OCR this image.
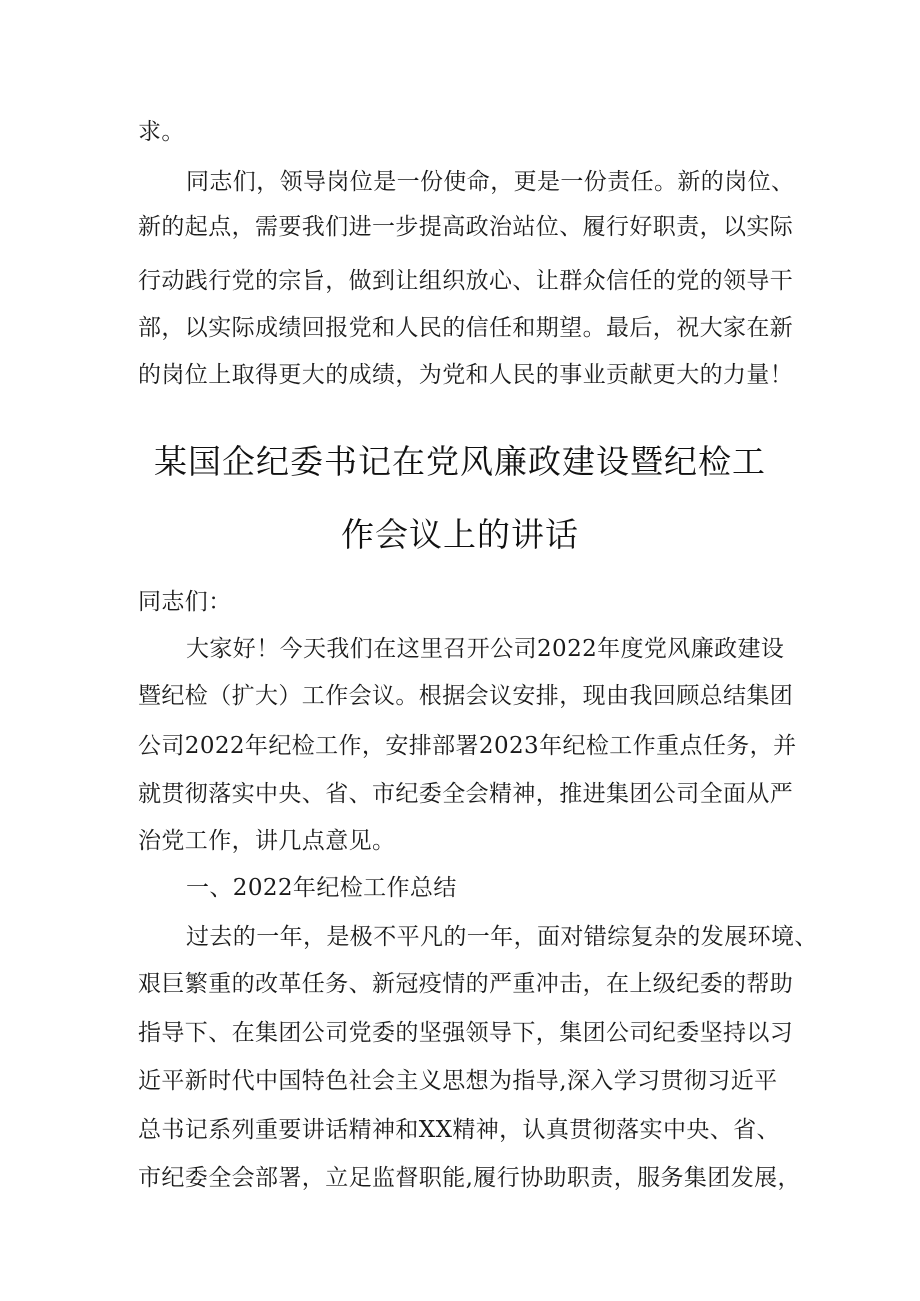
求。
同志们，领导岗位是一份使命，更是一份责任。新的岗位、
新的起点，需要我们进一步提高政治站位、履行好职责，以实际
行动践行党的宗旨，做到让组织放心、让群众信任的党的领导干
部，以实际成绩回报党和人民的信任和期望。最后，祝大家在新
的岗位上取得更大的成绩，为党和人民的事业贡献更大的力量！
某国企纪委书记在党风廉政建设暨纪检工
作会议上的讲话
同志们：
大家好！今天我们在这里召开公司2022年度党风廉政建设
暨纪检（扩大）工作会议。根据会议安排，现由我回顾总结集团
公司2022年纪检工作，安排部署2023年纪检工作重点任务，并
就贯彻落实中央、省、市纪委全会精神，推进集团公司全面从严
治党工作，讲几点意见。
一、2022年纪检工作总结
过去的一年，是极不平凡的一年，面对错综复杂的发展环境、
艰巨繁重的改革任务、新冠疫情的严重冲击，在上级纪委的帮助
指导下、在集团公司党委的坚强领导下，集团公司纪委坚持以习
近平新时代中国特色社会主义思想为指导,深入学习贯彻习近平
总书记系列重要讲话精神和XX精神，认真贯彻落实中央、省、
市纪委全会部署，立足监督职能,履行协助职责，服务集团发展，
